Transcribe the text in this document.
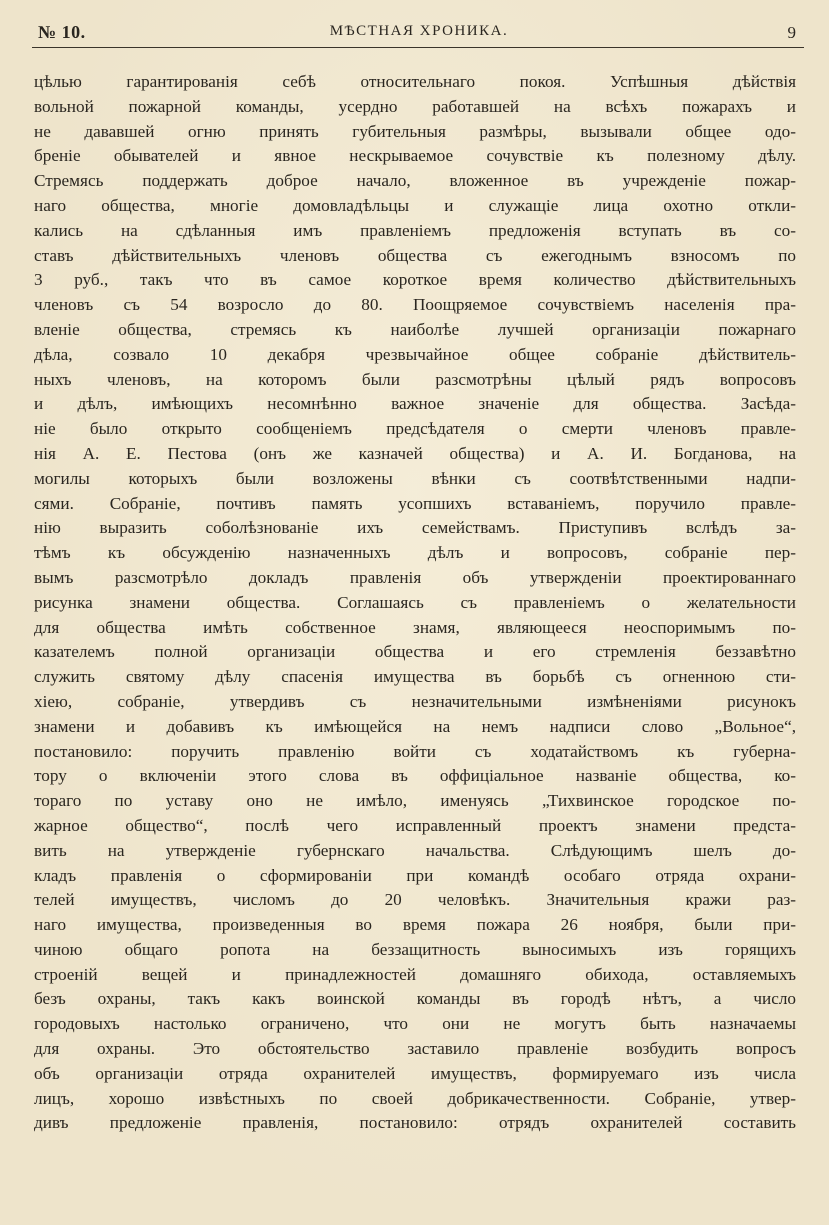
№ 10.	МѢСТНАЯ ХРОНИКА.	9
цѣлью гарантированія себѣ относительнаго покоя. Успѣшныя дѣйствія
вольной пожарной команды, усердно работавшей на всѣхъ пожарахъ и
не дававшей огню принять губительныя размѣры, вызывали общее одо-
бреніе обывателей и явное нескрываемое сочувствіе къ полезному дѣлу.
Стремясь поддержать доброе начало, вложенное въ учрежденіе пожар-
наго общества, многіе домовладѣльцы и служащіе лица охотно откли-
кались на сдѣланныя имъ правленіемъ предложенія вступать въ со-
ставъ дѣйствительныхъ членовъ общества съ ежегоднымъ взносомъ по
3 руб., такъ что въ самое короткое время количество дѣйствительныхъ
членовъ съ 54 возросло до 80. Поощряемое сочувствіемъ населенія пра-
вленіе общества, стремясь къ наиболѣе лучшей организаціи пожарнаго
дѣла, созвало 10 декабря чрезвычайное общее собраніе дѣйствитель-
ныхъ членовъ, на которомъ были разсмотрѣны цѣлый рядъ вопросовъ
и дѣлъ, имѣющихъ несомнѣнно важное значеніе для общества. Засѣда-
ніе было открыто сообщеніемъ предсѣдателя о смерти членовъ правле-
нія А. Е. Пестова (онъ же казначей общества) и А. И. Богданова, на
могилы которыхъ были возложены вѣнки съ соотвѣтственными надпи-
сями. Собраніе, почтивъ память усопшихъ вставаніемъ, поручило правле-
нію выразить соболѣзнованіе ихъ семействамъ. Приступивъ вслѣдъ за-
тѣмъ къ обсужденію назначенныхъ дѣлъ и вопросовъ, собраніе пер-
вымъ разсмотрѣло докладъ правленія объ утвержденіи проектированнаго
рисунка знамени общества. Соглашаясь съ правленіемъ о желательности
для общества имѣть собственное знамя, являющееся неоспоримымъ по-
казателемъ полной организаціи общества и его стремленія беззавѣтно
служить святому дѣлу спасенія имущества въ борьбѣ съ огненною сти-
хіею, собраніе, утвердивъ съ незначительными измѣненіями рисунокъ
знамени и добавивъ къ имѣющейся на немъ надписи слово „Вольное“,
постановило: поручить правленію войти съ ходатайствомъ къ губерна-
тору о включеніи этого слова въ оффиціальное названіе общества, ко-
тораго по уставу оно не имѣло, именуясь „Тихвинское городское по-
жарное общество“, послѣ чего исправленный проектъ знамени предста-
вить на утвержденіе губернскаго начальства. Слѣдующимъ шелъ до-
кладъ правленія о сформированіи при командѣ особаго отряда охрани-
телей имуществъ, числомъ до 20 человѣкъ. Значительныя кражи раз-
наго имущества, произведенныя во время пожара 26 ноября, были при-
чиною общаго ропота на беззащитность выносимыхъ изъ горящихъ
строеній вещей и принадлежностей домашняго обихода, оставляемыхъ
безъ охраны, такъ какъ воинской команды въ городѣ нѣтъ, а число
городовыхъ настолько ограничено, что они не могутъ быть назначаемы
для охраны. Это обстоятельство заставило правленіе возбудить вопросъ
объ организаціи отряда охранителей имуществъ, формируемаго изъ числа
лицъ, хорошо извѣстныхъ по своей добрикачественности. Собраніе, утвер-
дивъ предложеніе правленія, постановило: отрядъ охранителей составить
